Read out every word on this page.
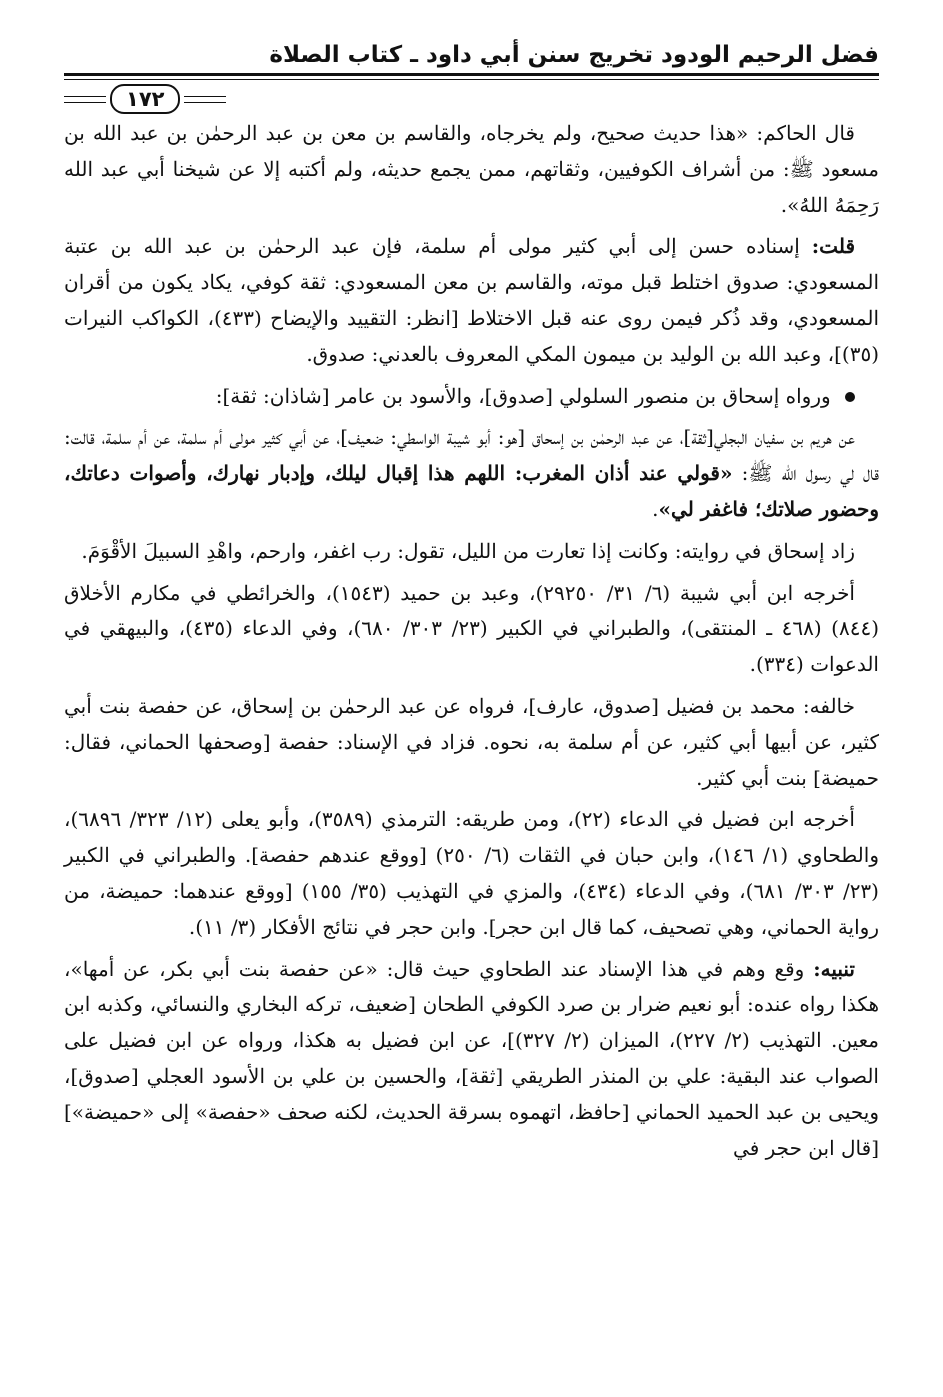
فضل الرحيم الودود تخريج سنن أبي داود ـ كتاب الصلاة
١٧٢

قال الحاكم: «هذا حديث صحيح، ولم يخرجاه، والقاسم بن معن بن عبد الرحمٰن بن عبد الله بن مسعود ﷺ: من أشراف الكوفيين، وثقاتهم، ممن يجمع حديثه، ولم أكتبه إلا عن شيخنا أبي عبد الله رَحِمَهُ اللهُ».

قلت: إسناده حسن إلى أبي كثير مولى أم سلمة، فإن عبد الرحمٰن بن عبد الله بن عتبة المسعودي: صدوق اختلط قبل موته، والقاسم بن معن المسعودي: ثقة كوفي، يكاد يكون من أقران المسعودي، وقد ذُكر فيمن روى عنه قبل الاختلاط [انظر: التقييد والإيضاح (٤٣٣)، الكواكب النيرات (٣٥)]، وعبد الله بن الوليد بن ميمون المكي المعروف بالعدني: صدوق.

ورواه إسحاق بن منصور السلولي [صدوق]، والأسود بن عامر [شاذان: ثقة]:

عن هريم بن سفيان البجلي[ثقة]، عن عبد الرحمٰن بن إسحاق [هو: أبو شيبة الواسطي: ضعيف]، عن أبي كثير مولى أم سلمة، عن أم سلمة، قالت: قال لي رسول الله ﷺ: «قولي عند أذان المغرب: اللهم هذا إقبال ليلك، وإدبار نهارك، وأصوات دعاتك، وحضور صلاتك؛ فاغفر لي».

زاد إسحاق في روايته: وكانت إذا تعارت من الليل، تقول: رب اغفر، وارحم، واهْدِ السبيلَ الأقْوَمَ.

أخرجه ابن أبي شيبة (٦/ ٣١/ ٢٩٢٥٠)، وعبد بن حميد (١٥٤٣)، والخرائطي في مكارم الأخلاق (٨٤٤) (٤٦٨ ـ المنتقى)، والطبراني في الكبير (٢٣/ ٣٠٣/ ٦٨٠)، وفي الدعاء (٤٣٥)، والبيهقي في الدعوات (٣٣٤).

خالفه: محمد بن فضيل [صدوق، عارف]، فرواه عن عبد الرحمٰن بن إسحاق، عن حفصة بنت أبي كثير، عن أبيها أبي كثير، عن أم سلمة به، نحوه. فزاد في الإسناد: حفصة [وصحفها الحماني، فقال: حميضة] بنت أبي كثير.

أخرجه ابن فضيل في الدعاء (٢٢)، ومن طريقه: الترمذي (٣٥٨٩)، وأبو يعلى (١٢/ ٣٢٣/ ٦٨٩٦)، والطحاوي (١/ ١٤٦)، وابن حبان في الثقات (٦/ ٢٥٠) [ووقع عندهم حفصة]. والطبراني في الكبير (٢٣/ ٣٠٣/ ٦٨١)، وفي الدعاء (٤٣٤)، والمزي في التهذيب (٣٥/ ١٥٥) [ووقع عندهما: حميضة، من رواية الحماني، وهي تصحيف، كما قال ابن حجر]. وابن حجر في نتائج الأفكار (٣/ ١١).

تنبيه: وقع وهم في هذا الإسناد عند الطحاوي حيث قال: «عن حفصة بنت أبي بكر، عن أمها»، هكذا رواه عنده: أبو نعيم ضرار بن صرد الكوفي الطحان [ضعيف، تركه البخاري والنسائي، وكذبه ابن معين. التهذيب (٢/ ٢٢٧)، الميزان (٢/ ٣٢٧)]، عن ابن فضيل به هكذا، ورواه عن ابن فضيل على الصواب عند البقية: علي بن المنذر الطريقي [ثقة]، والحسين بن علي بن الأسود العجلي [صدوق]، ويحيى بن عبد الحميد الحماني [حافظ، اتهموه بسرقة الحديث، لكنه صحف «حفصة» إلى «حميضة»] [قال ابن حجر في
